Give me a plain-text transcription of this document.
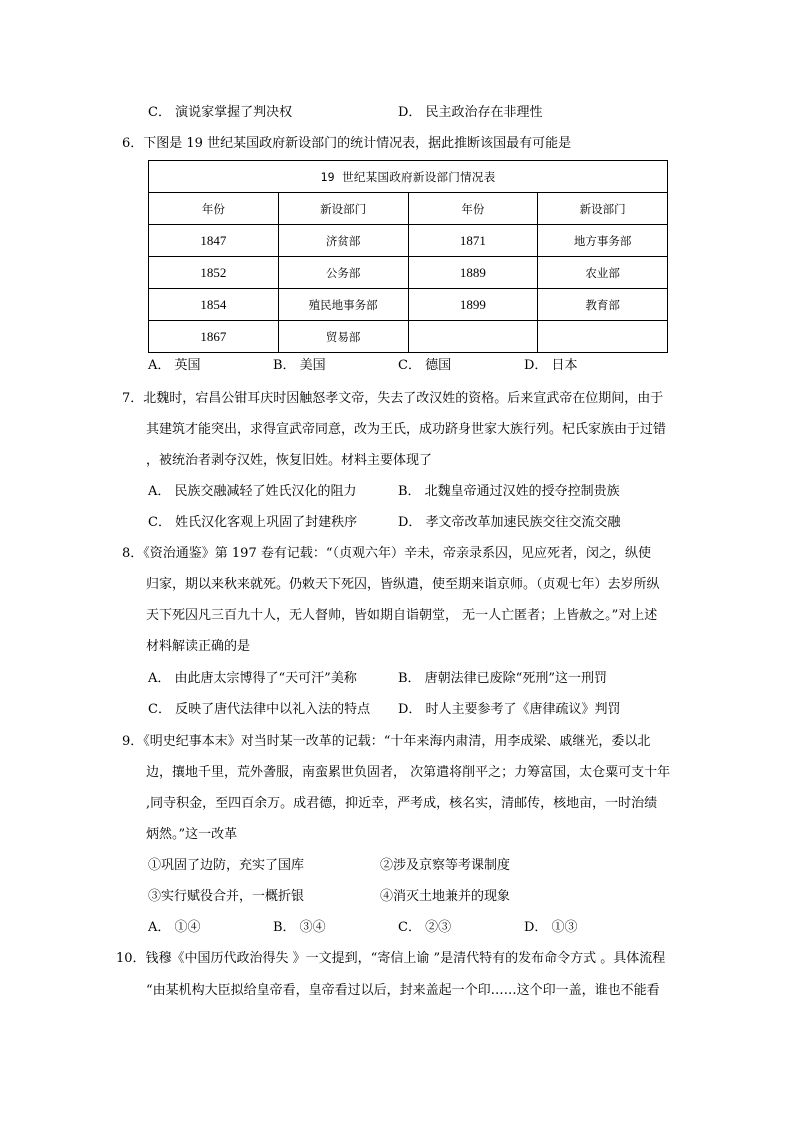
C． 演说家掌握了判决权	D． 民主政治存在非理性
6．下图是 19 世纪某国政府新设部门的统计情况表，据此推断该国最有可能是
19 世纪某国政府新设部门情况表			
年份	新设部门	年份	新设部门
1847	济贫部	1871	地方事务部
1852	公务部	1889	农业部
1854	殖民地事务部	1899	教育部
1867	贸易部		
A． 英国	B． 美国	C． 德国	D． 日本
7．北魏时，宕昌公钳耳庆时因触怒孝文帝，失去了改汉姓的资格。后来宣武帝在位期间，由于
其建筑才能突出，求得宣武帝同意，改为王氏，成功跻身世家大族行列。杞氏家族由于过错
，被统治者剥夺汉姓，恢复旧姓。材料主要体现了
A． 民族交融减轻了姓氏汉化的阻力	B． 北魏皇帝通过汉姓的授夺控制贵族
C． 姓氏汉化客观上巩固了封建秩序	D． 孝文帝改革加速民族交往交流交融
8．《资治通鉴》第 197 卷有记载：“（贞观六年）辛未，帝亲录系囚，见应死者，闵之，纵使
归家，期以来秋来就死。仍敕天下死囚，皆纵遣，使至期来诣京师。（贞观七年）去岁所纵
天下死囚凡三百九十人，无人督帅，皆如期自诣朝堂， 无一人亡匿者；上皆赦之。”对上述
材料解读正确的是
A． 由此唐太宗博得了“天可汗”美称	B． 唐朝法律已废除“死刑”这一刑罚
C． 反映了唐代法律中以礼入法的特点 D． 时人主要参考了《唐律疏议》判罚
9．《明史纪事本末》对当时某一改革的记载：“十年来海内肃清，用李成梁、戚继光，委以北
边，攘地千里，荒外詟服，南蛮累世负固者， 次第遣将削平之；力筹富国，太仓粟可支十年
,同寺积金，至四百余万。成君德，抑近幸，严考成，核名实，清邮传，核地亩，一时治绩
炳然。”这一改革
①巩固了边防，充实了国库	②涉及京察等考课制度
③实行赋役合并，一概折银	④消灭土地兼并的现象
A． ①④	B． ③④	C． ②③	D． ①③
10．钱穆《中国历代政治得失 》一文提到，“寄信上谕 ”是清代特有的发布命令方式 。具体流程
“由某机构大臣拟给皇帝看，皇帝看过以后，封来盖起一个印……这个印一盖，谁也不能看
